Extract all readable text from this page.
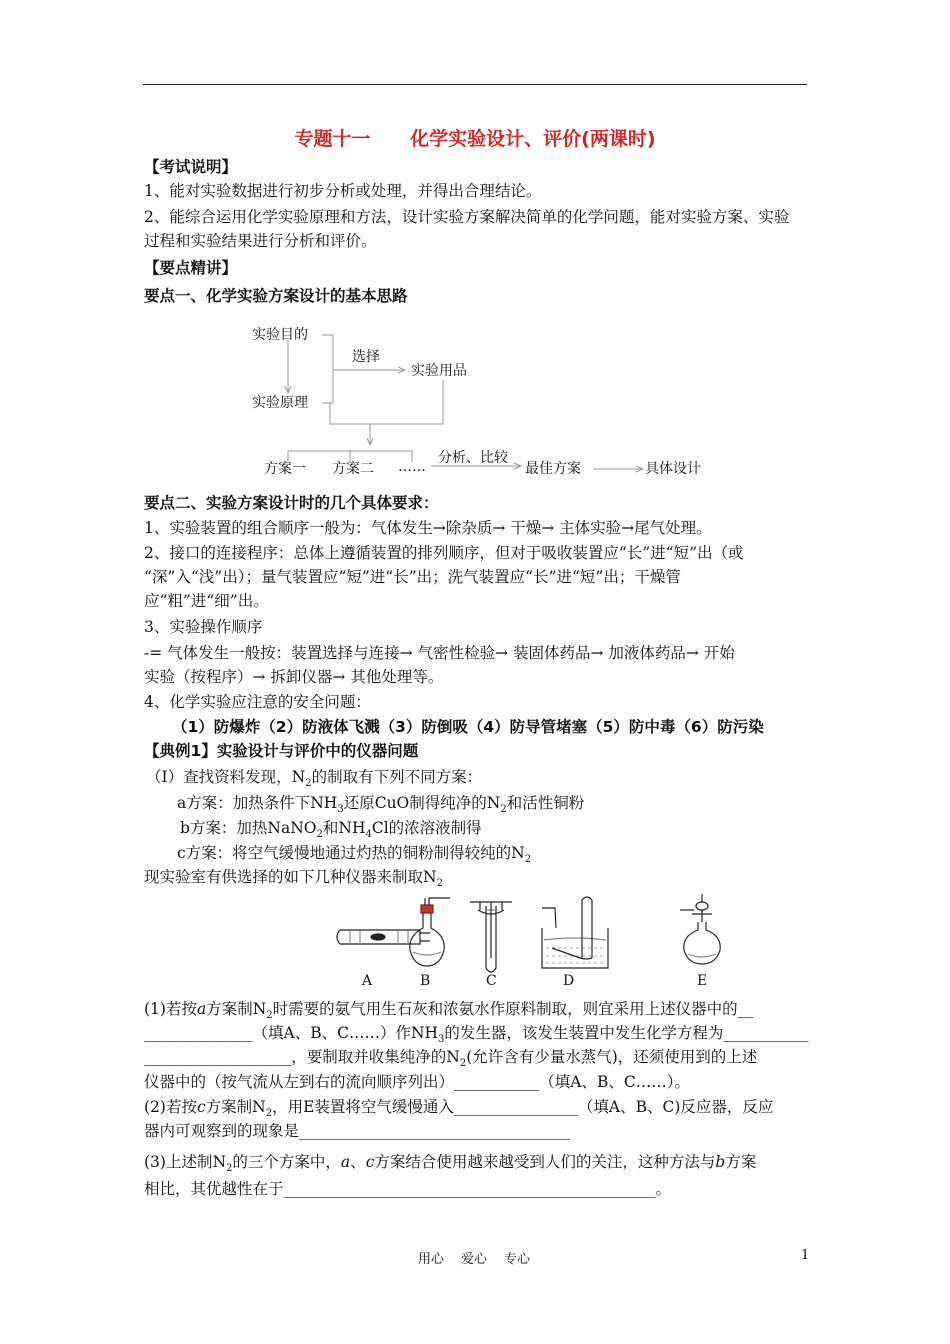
专题十一      化学实验设计、评价(两课时)
【考试说明】
1、能对实验数据进行初步分析或处理，并得出合理结论。
2、能综合运用化学实验原理和方法，设计实验方案解决简单的化学问题，能对实验方案、实验
过程和实验结果进行分析和评价。
【要点精讲】
要点一、化学实验方案设计的基本思路
实验目的
选择
实验用品
实验原理
方案一 方案二 ……
分析、比较
最佳方案	具体设计
要点二、实验方案设计时的几个具体要求：
1、实验装置的组合顺序一般为：气体发生→除杂质→ 干燥→ 主体实验→尾气处理。
2、接口的连接程序：总体上遵循装置的排列顺序，但对于吸收装置应“长”进“短”出（或
“深”入“浅”出）；量气装置应“短”进“长”出；洗气装置应“长”进“短”出；干燥管
应“粗”进“细”出。
3、实验操作顺序
-= 气体发生一般按：装置选择与连接→ 气密性检验→ 装固体药品→ 加液体药品→ 开始
实验（按程序）→ 拆卸仪器→ 其他处理等。
4、化学实验应注意的安全问题：
（1）防爆炸（2）防液体飞溅（3）防倒吸（4）防导管堵塞（5）防中毒（6）防污染
【典例1】实验设计与评价中的仪器问题
（I）查找资料发现，$N_2$的制取有下列不同方案：
a方案：加热条件下$NH_3$还原CuO制得纯净的$N_2$和活性铜粉
b方案：加热NaNO$_2$和$NH_4Cl$的浓溶液制得
c方案：将空气缓慢地通过灼热的铜粉制得较纯的$N_2$
现实验室有供选择的如下几种仪器来制取$N_2$
A	B	C	D	E
(1)若按a方案制$N_2$时需要的氨气用生石灰和浓氨水作原料制取，则宜采用上述仪器中的__
______________（填A、B、C……）作$NH_3$的发生器，该发生装置中发生化学方程为___________
___________________，要制取并收集纯净的$N_2$(允许含有少量水蒸气)，还须使用到的上述
仪器中的（按气流从左到右的流向顺序列出）___________（填A、B、C……）。
(2)若按c方案制$N_2$，用E装置将空气缓慢通入________________（填A、B、C)反应器，反应
器内可观察到的现象是___________________________________
(3)上述制$N_2$的三个方案中，a、c方案结合使用越来越受到人们的关注，这种方法与b方案
相比，其优越性在于________________________________________________。
用心 爱心 专心	1
